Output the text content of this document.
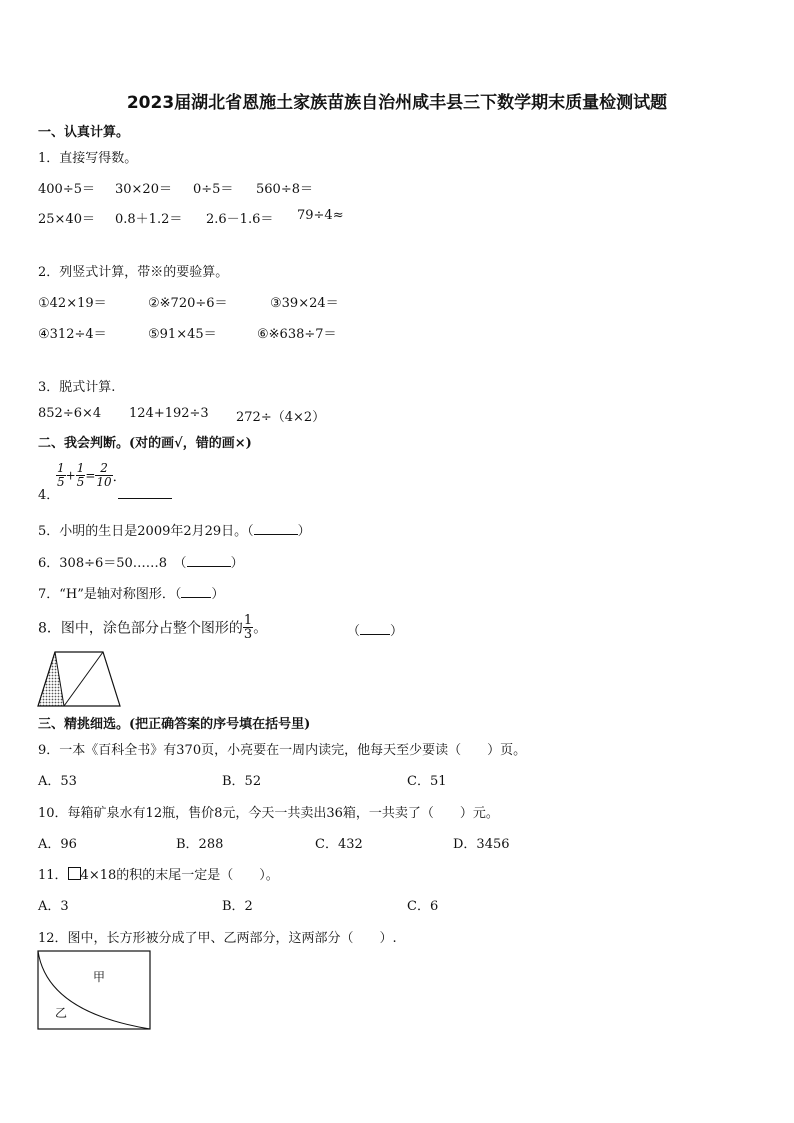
2023届湖北省恩施土家族苗族自治州咸丰县三下数学期末质量检测试题
一、认真计算。
1．直接写得数。
400÷5＝ 30×20＝ 0÷5＝ 560÷8＝
25×40＝ 0.8＋1.2＝ 2.6－1.6＝ 79÷4≈
2．列竖式计算，带※的要验算。
①42×19＝	②※720÷6＝	③39×24＝
④312÷4＝	⑤91×45＝	⑥※638÷7＝
3．脱式计算.
852÷6×4 124+192÷3 272÷（4×2）
二、我会判断。(对的画√，错的画×)
4．
$\frac{1}{5} + \frac{1}{5} = \frac{2}{10}$ ．
5．小明的生日是2009年2月29日。（	）
6．308÷6＝50……8　（	）
7．“H”是轴对称图形．（ ）
8．图中，涂色部分占整个图形的 $\frac{1}{3}$ 。	（ ）
三、精挑细选。(把正确答案的序号填在括号里)
9．一本《百科全书》有370页，小亮要在一周内读完，他每天至少要读（　　）页。
A．53	B．52	C．51
10．每箱矿泉水有12瓶，售价8元，今天一共卖出36箱，一共卖了（　　）元。
A．96	B．288	C．432	D．3456
11． 4×18的积的末尾一定是（　　）。
A．3	B．2	C．6
12．图中，长方形被分成了甲、乙两部分，这两部分（　　）.
甲
乙
